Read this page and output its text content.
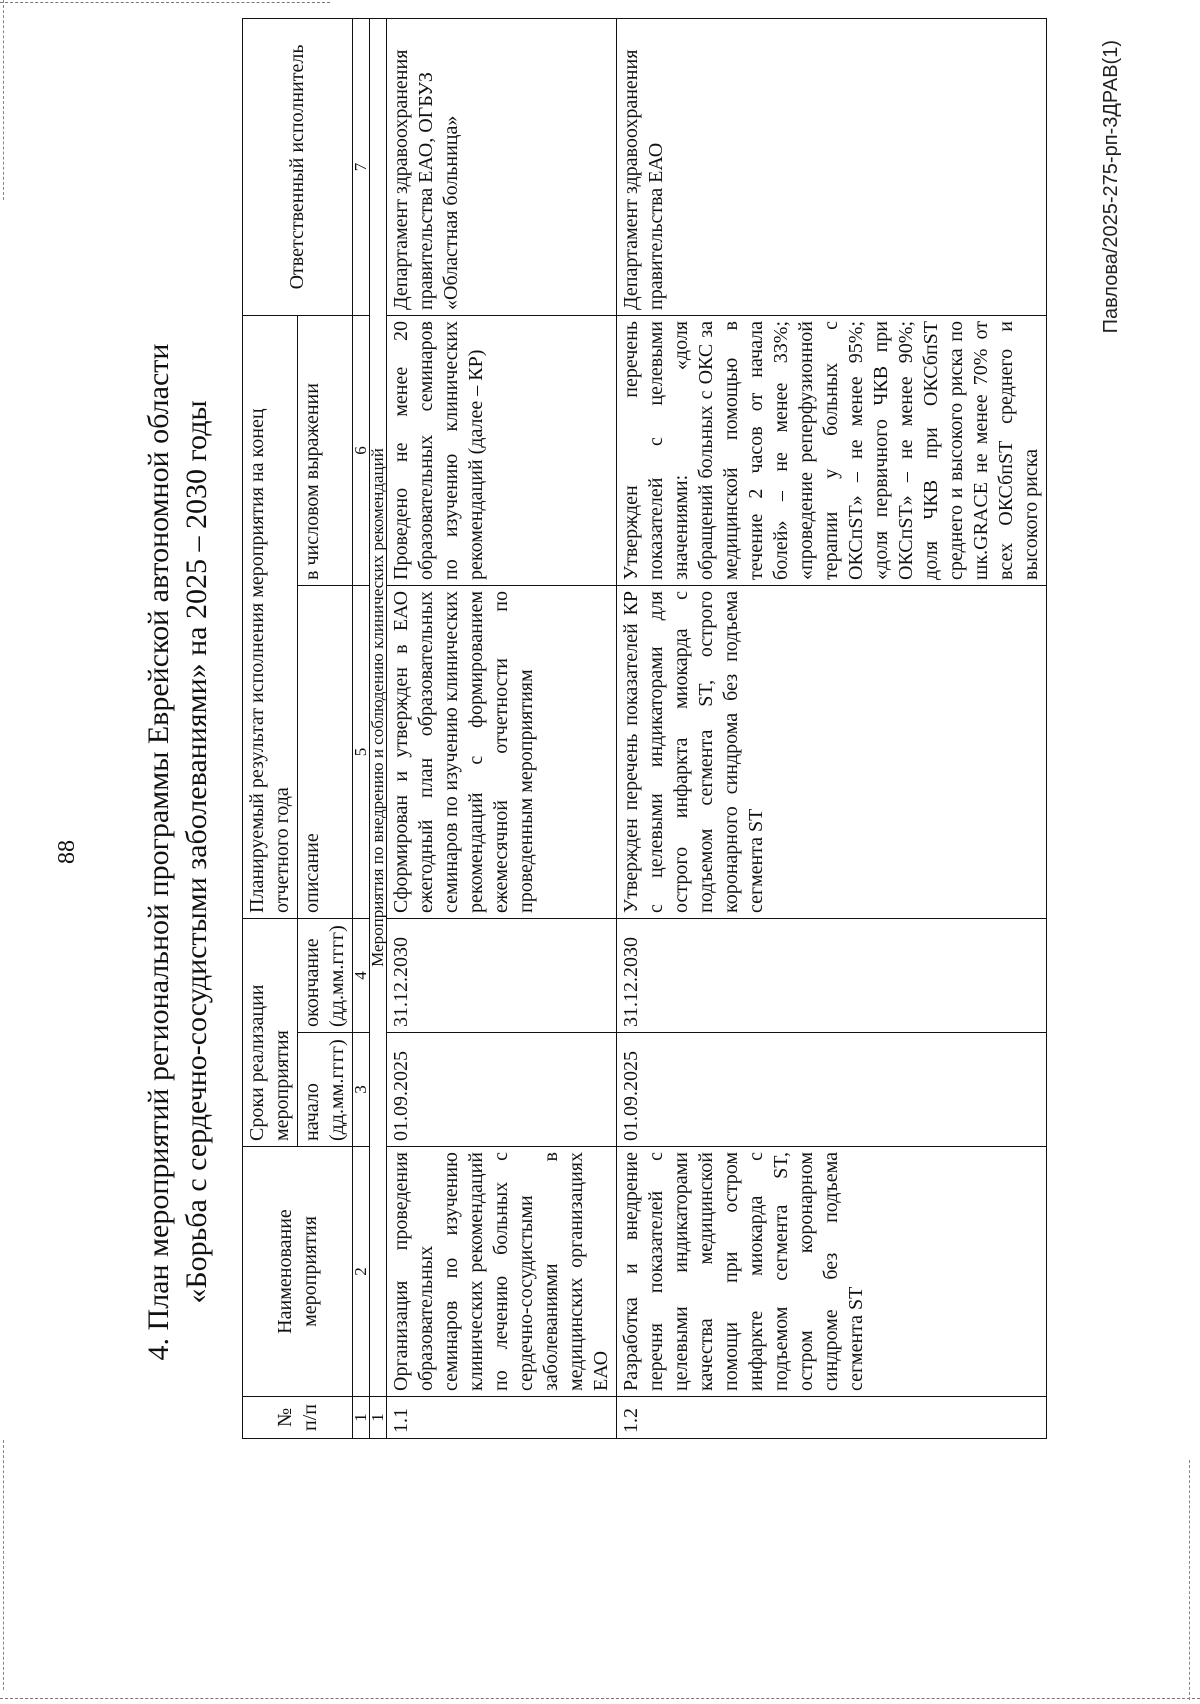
88 4. План мероприятий региональной программы Еврейской автономной области «Борьба с сердечно-сосудистыми заболеваниями» на 2025 – 2030 годы
№ п/п	Наименование мероприятия	Сроки реализации мероприятия		Планируемый результат исполнения мероприятия на конец отчетного года		Ответственный исполнитель
		начало (дд.мм.гггг)	окончание (дд.мм.гггг)	описание	в числовом выражении	
1	2	3	4	5	6	7
1	Мероприятия по внедрению и соблюдению клинических рекомендаций					
1.1	Организация проведения образовательных семинаров по изучению клинических рекомендаций по лечению больных с сердечно-сосудистыми заболеваниями в медицинских организациях ЕАО	01.09.2025	31.12.2030	Сформирован и утвержден в ЕАО ежегодный план образовательных семинаров по изучению клинических рекомендаций с формированием ежемесячной отчетности по проведенным мероприятиям	Проведено не менее 20 образовательных семинаров по изучению клинических рекомендаций (далее – КР)	Департамент здравоохранения правительства ЕАО, ОГБУЗ «Областная больница»
1.2	Разработка и внедрение перечня показателей с целевыми индикаторами качества медицинской помощи при остром инфаркте миокарда с подъемом сегмента ST, остром коронарном синдроме без подъема сегмента ST	01.09.2025	31.12.2030	Утвержден перечень показателей КР с целевыми индикаторами для острого инфаркта миокарда с подъемом сегмента ST, острого коронарного синдрома без подъема сегмента ST	Утвержден перечень показателей с целевыми значениями: «доля обращений больных с ОКС за медицинской помощью в течение 2 часов от начала болей» – не менее 33%; «проведение реперфузионной терапии у больных с ОКСпST» – не менее 95%; «доля первичного ЧКВ при ОКСпST» – не менее 90%; доля ЧКВ при ОКСбпST среднего и высокого риска по шк.GRACE не менее 70% от всех ОКСбпST среднего и высокого риска	Департамент здравоохранения правительства ЕАО	Павлова/2025-275-рп-3ДРАВ(1)
